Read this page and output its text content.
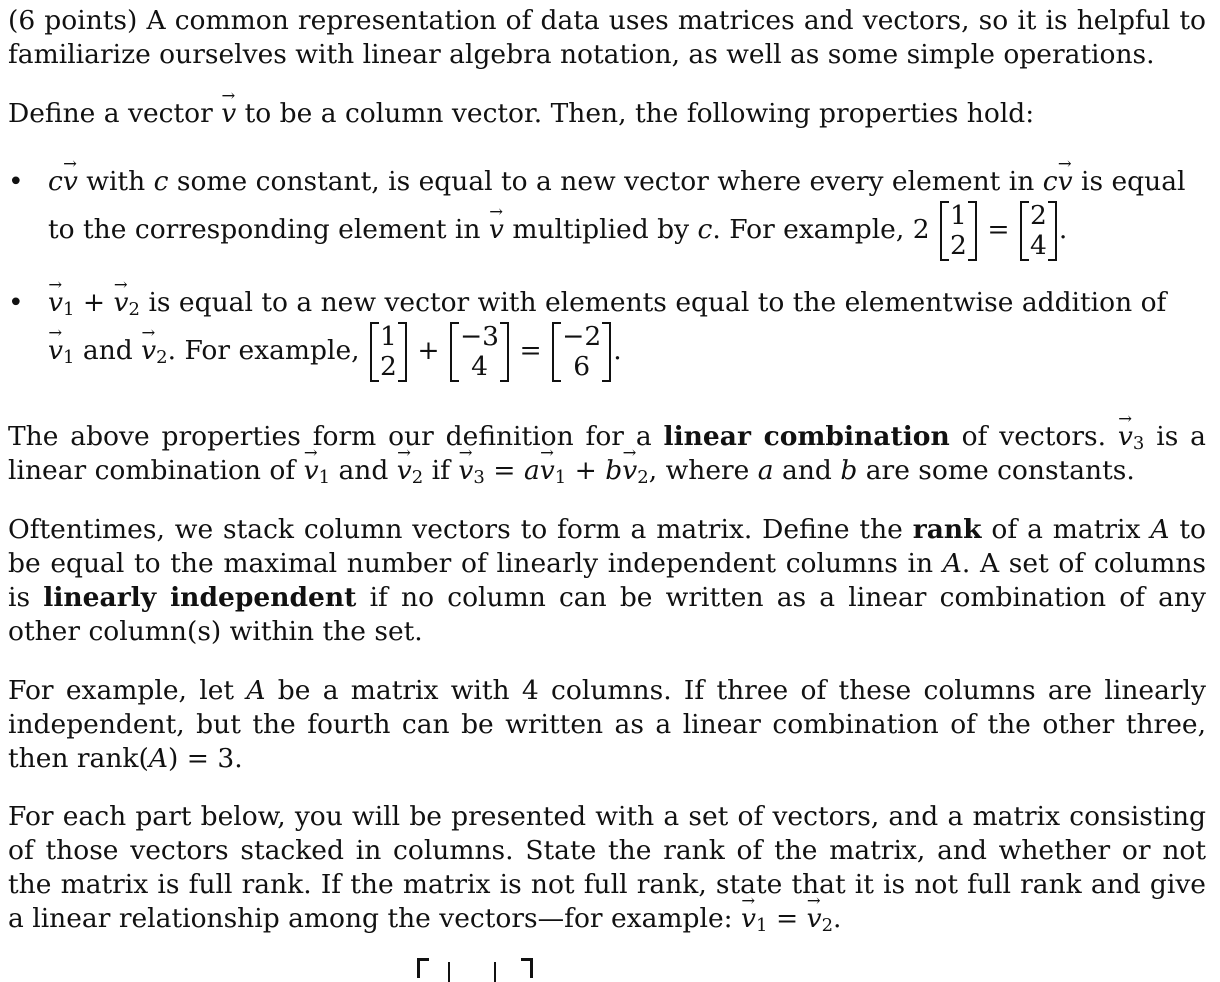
(6 points) A common representation of data uses matrices and vectors, so it is helpful to familiarize ourselves with linear algebra notation, as well as some simple operations.

Define a vector → v to be a column vector. Then, the following properties hold:

• c→ v with c some constant, is equal to a new vector where every element in c→ v is equal
to the corresponding element in → v multiplied by c. For example, 2 1
2
= 2
4
.
• → $v_1$ + → $v_2$ is equal to a new vector with elements equal to the elementwise addition of
→ $v_1$ and → $v_2$. For example, 1
2
+ −3
4
= −2
6
.

The above properties form our definition for a linear combination of vectors. → $v_3$ is a linear combination of → $v_1$ and → $v_2$ if → $v_3 = a\to v_1 + b\to v_2$, where a and b are some constants.

Oftentimes, we stack column vectors to form a matrix. Define the rank of a matrix A to be equal to the maximal number of linearly independent columns in A. A set of columns is linearly independent if no column can be written as a linear combination of any other column(s) within the set.

For example, let A be a matrix with 4 columns. If three of these columns are linearly independent, but the fourth can be written as a linear combination of the other three, then rank(A) = 3.

For each part below, you will be presented with a set of vectors, and a matrix consisting of those vectors stacked in columns. State the rank of the matrix, and whether or not the matrix is full rank. If the matrix is not full rank, state that it is not full rank and give a linear relationship among the vectors—for example: → $v_1$ = → $v_2$.
